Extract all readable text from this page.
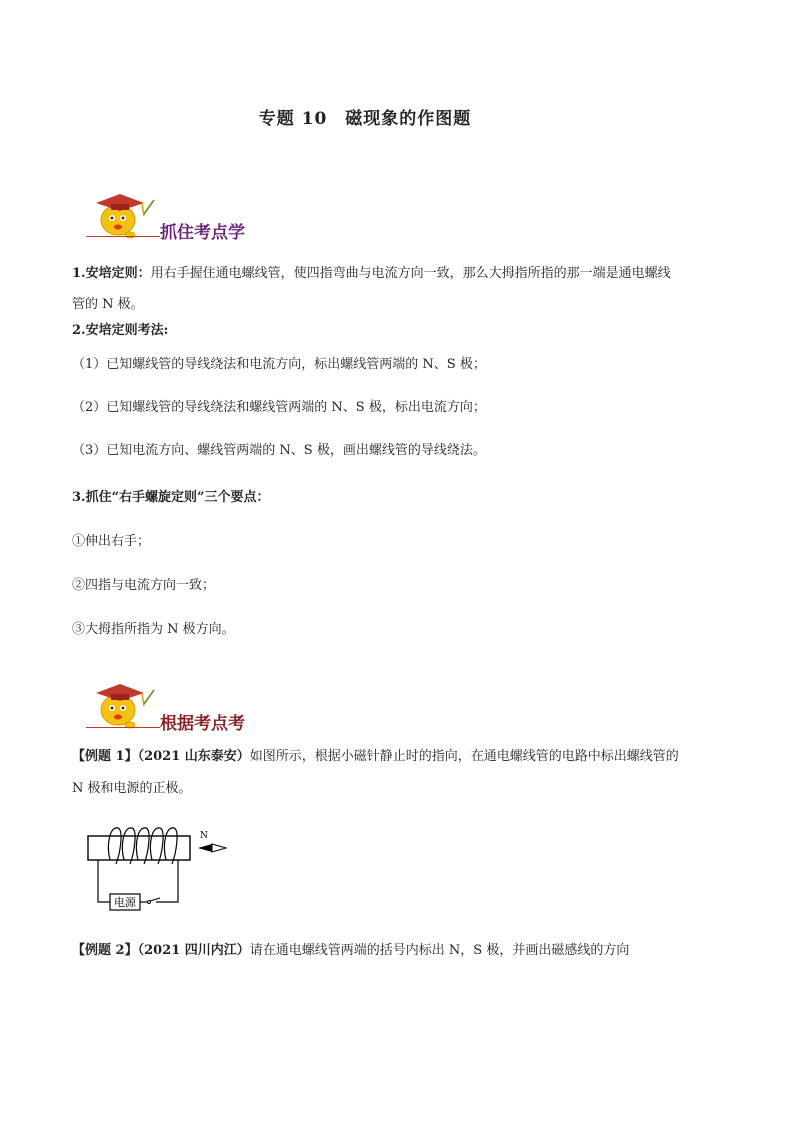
专题 10　磁现象的作图题
抓住考点学
1.安培定则：用右手握住通电螺线管，使四指弯曲与电流方向一致，那么大拇指所指的那一端是通电螺线
管的 N 极。
2.安培定则考法:
（1）已知螺线管的导线绕法和电流方向，标出螺线管两端的 N、S 极；
（2）已知螺线管的导线绕法和螺线管两端的 N、S 极，标出电流方向；
（3）已知电流方向、螺线管两端的 N、S 极，画出螺线管的导线绕法。
3.抓住“右手螺旋定则”三个要点：
①伸出右手；
②四指与电流方向一致；
③大拇指所指为 N 极方向。
根据考点考
【例题 1】（2021 山东泰安）如图所示，根据小磁针静止时的指向，在通电螺线管的电路中标出螺线管的
N 极和电源的正极。
电源
N
【例题 2】（2021 四川内江）请在通电螺线管两端的括号内标出 N，S 极，并画出磁感线的方向
